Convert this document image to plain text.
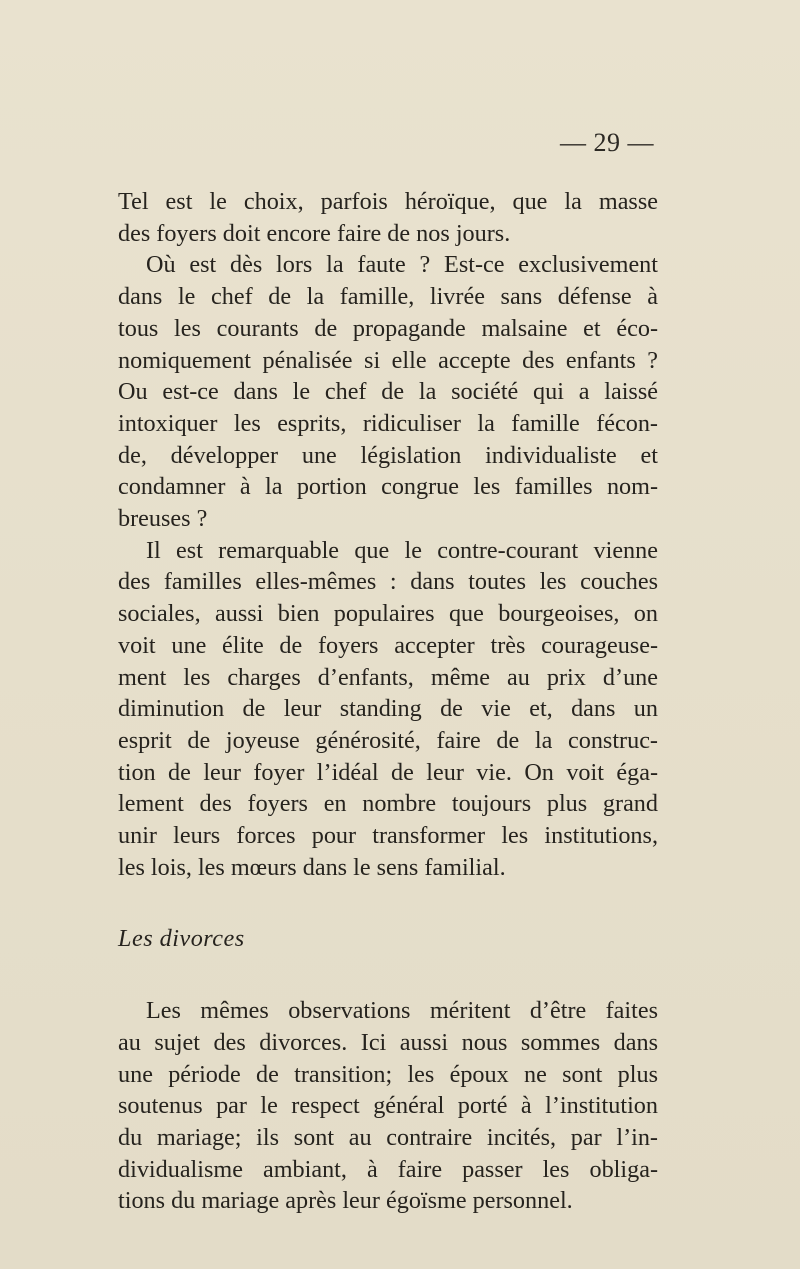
— 29 —

Tel est le choix, parfois héroïque, que la masse
des foyers doit encore faire de nos jours.

Où est dès lors la faute ? Est-ce exclusivement
dans le chef de la famille, livrée sans défense à
tous les courants de propagande malsaine et éco-
nomiquement pénalisée si elle accepte des enfants ?
Ou est-ce dans le chef de la société qui a laissé
intoxiquer les esprits, ridiculiser la famille fécon-
de, développer une législation individualiste et
condamner à la portion congrue les familles nom-
breuses ?

Il est remarquable que le contre-courant vienne
des familles elles-mêmes : dans toutes les couches
sociales, aussi bien populaires que bourgeoises, on
voit une élite de foyers accepter très courageuse-
ment les charges d’enfants, même au prix d’une
diminution de leur standing de vie et, dans un
esprit de joyeuse générosité, faire de la construc-
tion de leur foyer l’idéal de leur vie. On voit éga-
lement des foyers en nombre toujours plus grand
unir leurs forces pour transformer les institutions,
les lois, les mœurs dans le sens familial.

Les divorces

Les mêmes observations méritent d’être faites
au sujet des divorces. Ici aussi nous sommes dans
une période de transition; les époux ne sont plus
soutenus par le respect général porté à l’institution
du mariage; ils sont au contraire incités, par l’in-
dividualisme ambiant, à faire passer les obliga-
tions du mariage après leur égoïsme personnel.
